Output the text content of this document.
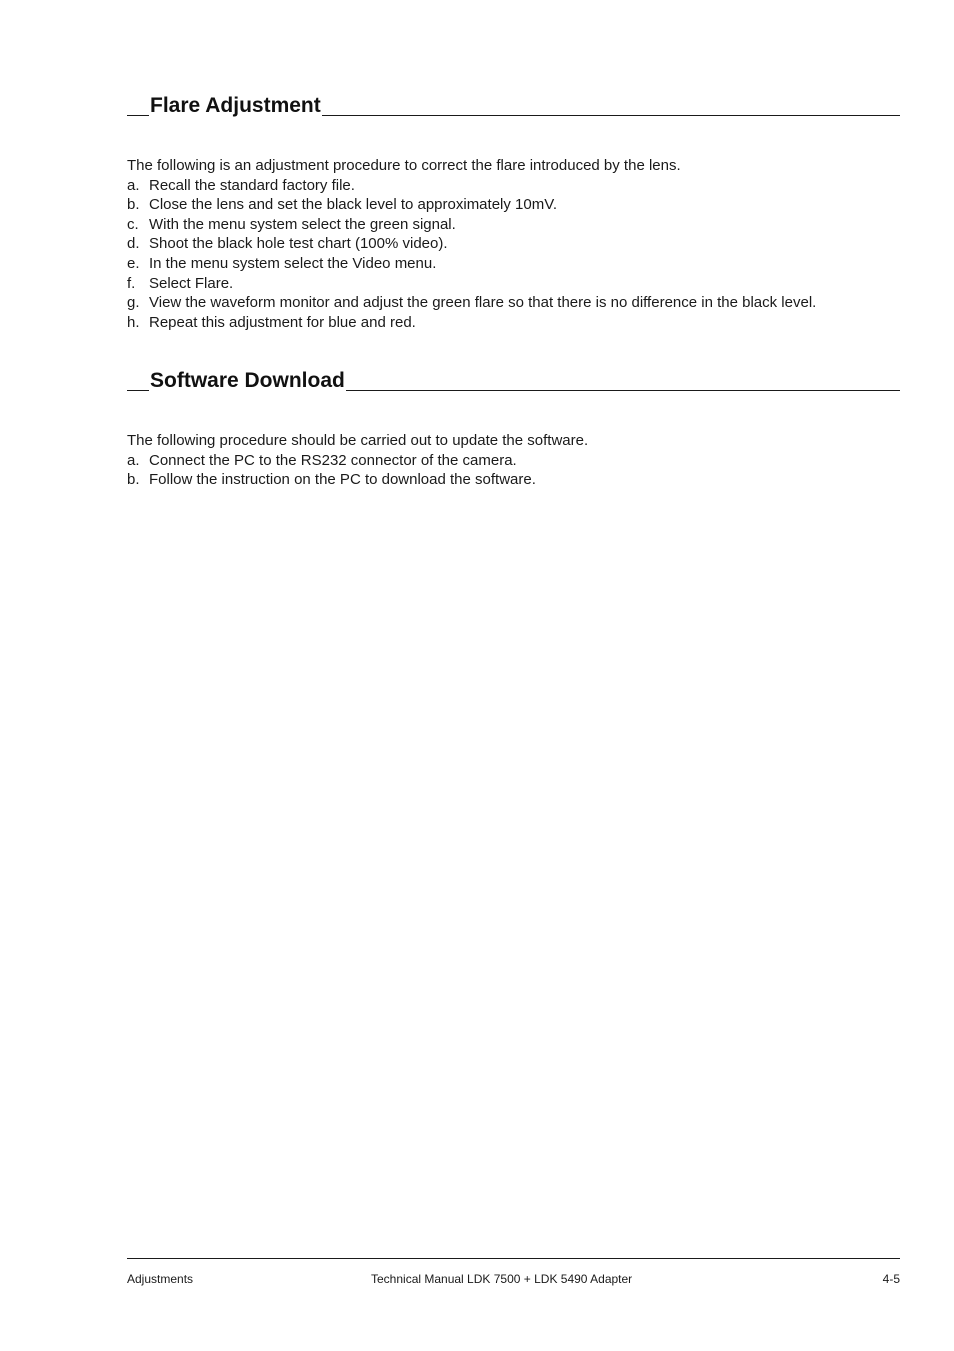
Flare Adjustment
The following is an adjustment procedure to correct the flare introduced by the lens.
a. Recall the standard factory file.
b. Close the lens and set the black level to approximately 10mV.
c. With the menu system select the green signal.
d. Shoot the black hole test chart (100% video).
e. In the menu system select the Video menu.
f. Select Flare.
g. View the waveform monitor and adjust the green flare so that there is no difference in the black level.
h. Repeat this adjustment for blue and red.
Software Download
The following procedure should be carried out to update the software.
a. Connect the PC to the RS232 connector of the camera.
b. Follow the instruction on the PC to download the software.
Adjustments	Technical Manual LDK 7500 + LDK 5490 Adapter	4-5
